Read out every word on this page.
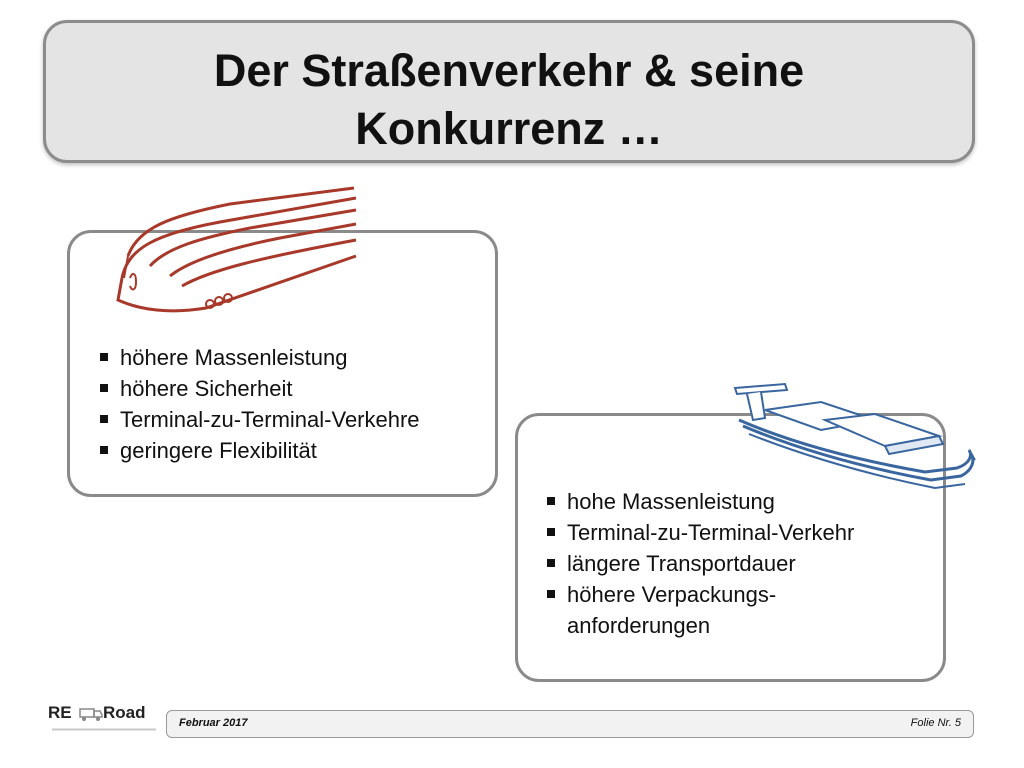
Der Straßenverkehr & seine
Konkurrenz …
höhere Massenleistung
höhere Sicherheit
Terminal-zu-Terminal-Verkehre
geringere Flexibilität
hohe Massenleistung
Terminal-zu-Terminal-Verkehr
längere Transportdauer
höhere Verpackungs-
anforderungen
RE Road
Februar 2017	Folie Nr. 5
